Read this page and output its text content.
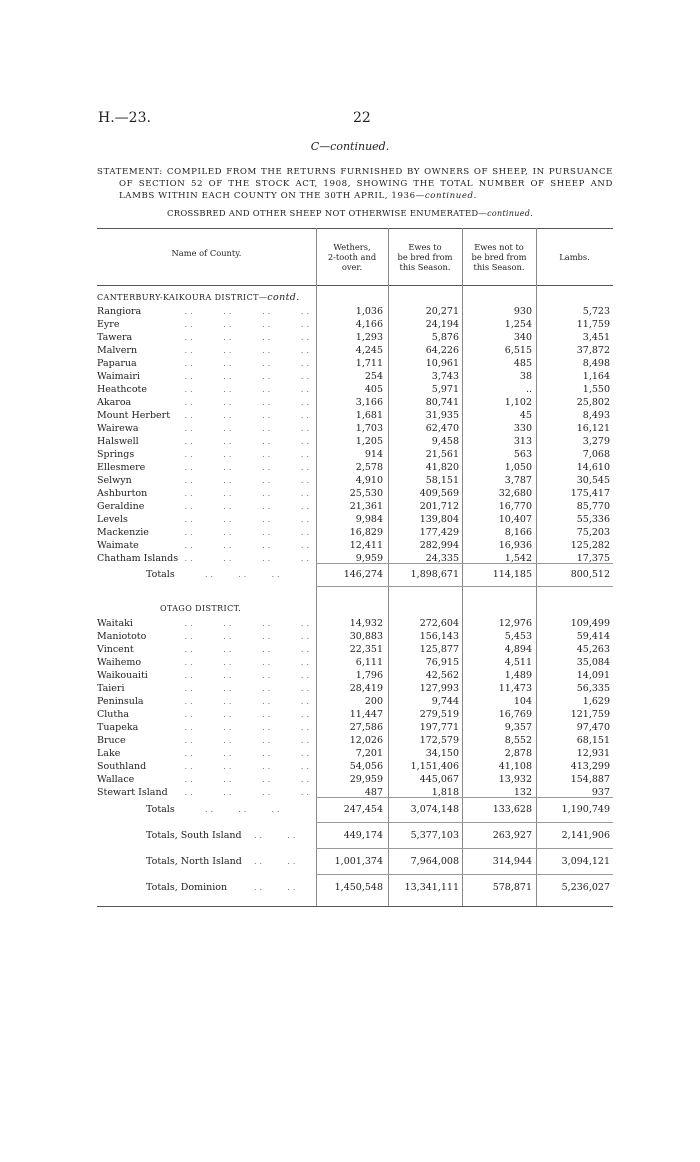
H.—23.	22
C—continued.
STATEMENT: COMPILED FROM THE RETURNS FURNISHED BY OWNERS OF SHEEP, IN PURSUANCE OF SECTION 52 OF THE STOCK ACT, 1908, SHOWING THE TOTAL NUMBER OF SHEEP AND LAMBS WITHIN EACH COUNTY ON THE 30TH APRIL, 1936—continued.
CROSSBRED AND OTHER SHEEP NOT OTHERWISE ENUMERATED—continued.
Name of County.
Wethers,
2-tooth and
over.
Ewes to
be bred from
this Season.
Ewes not to
be bred from
this Season.
Lambs.
CANTERBURY-KAIKOURA DISTRICT—contd.
Rangiora	1,036	20,271	930	5,723
..     ..     ..     ..
Eyre	4,166	24,194	1,254	11,759
..     ..     ..     ..
Tawera	1,293	5,876	340	3,451
..     ..     ..     ..
Malvern	4,245	64,226	6,515	37,872
..     ..     ..     ..
Paparua	1,711	10,961	485	8,498
..     ..     ..     ..
Waimairi	254	3,743	38	1,164
..     ..     ..     ..
Heathcote	405	5,971	..	1,550
..     ..     ..     ..
Akaroa	3,166	80,741	1,102	25,802
..     ..     ..     ..
Mount Herbert	1,681	31,935	45	8,493
..     ..     ..     ..
Wairewa	1,703	62,470	330	16,121
..     ..     ..     ..
Halswell	1,205	9,458	313	3,279
..     ..     ..     ..
Springs	914	21,561	563	7,068
..     ..     ..     ..
Ellesmere	2,578	41,820	1,050	14,610
..     ..     ..     ..
Selwyn	4,910	58,151	3,787	30,545
..     ..     ..     ..
Ashburton	25,530	409,569	32,680	175,417
..     ..     ..     ..
Geraldine	21,361	201,712	16,770	85,770
..     ..     ..     ..
Levels	9,984	139,804	10,407	55,336
..     ..     ..     ..
Mackenzie	16,829	177,429	8,166	75,203
..     ..     ..     ..
Waimate	12,411	282,994	16,936	125,282
..     ..     ..     ..
Chatham Islands	9,959	24,335	1,542	17,375
..     ..     ..     ..
Totals	..    ..    ..	146,274	1,898,671	114,185	800,512
OTAGO DISTRICT.
Waitaki	14,932	272,604	12,976	109,499
..     ..     ..     ..
Maniototo	30,883	156,143	5,453	59,414
..     ..     ..     ..
Vincent	22,351	125,877	4,894	45,263
..     ..     ..     ..
Waihemo	6,111	76,915	4,511	35,084
..     ..     ..     ..
Waikouaiti	1,796	42,562	1,489	14,091
..     ..     ..     ..
Taieri	28,419	127,993	11,473	56,335
..     ..     ..     ..
Peninsula	200	9,744	104	1,629
..     ..     ..     ..
Clutha	11,447	279,519	16,769	121,759
..     ..     ..     ..
Tuapeka	27,586	197,771	9,357	97,470
..     ..     ..     ..
Bruce	12,026	172,579	8,552	68,151
..     ..     ..     ..
Lake	7,201	34,150	2,878	12,931
..     ..     ..     ..
Southland	54,056	1,151,406	41,108	413,299
..     ..     ..     ..
Wallace	29,959	445,067	13,932	154,887
..     ..     ..     ..
Stewart Island	487	1,818	132	937
..     ..     ..     ..
Totals	..    ..    ..	247,454	3,074,148	133,628	1,190,749
Totals, South Island ..    ..	449,174	5,377,103	263,927	2,141,906
Totals, North Island ..    ..	1,001,374	7,964,008	314,944	3,094,121
Totals, Dominion	..    ..	1,450,548	13,341,111	578,871	5,236,027
